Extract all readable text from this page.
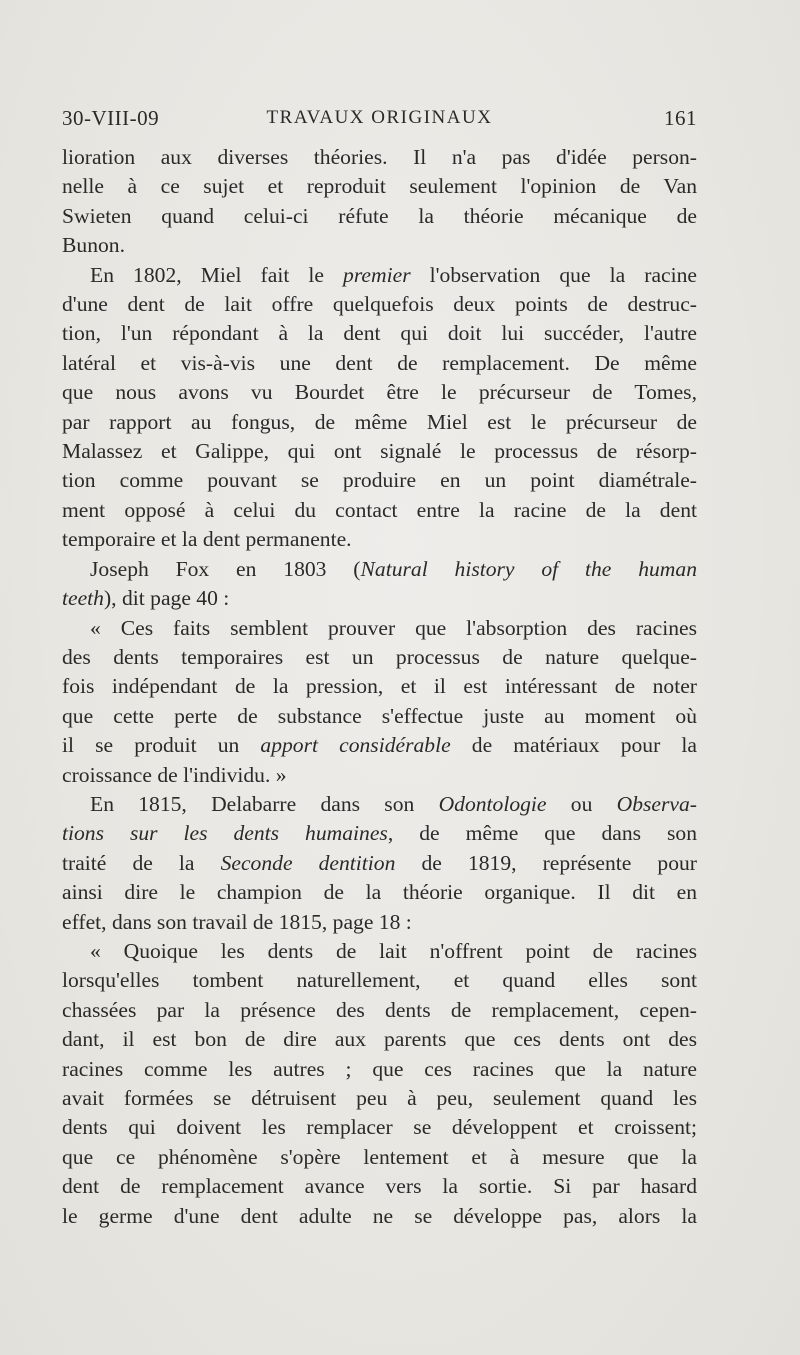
30-VIII-09	TRAVAUX ORIGINAUX	161
lioration aux diverses théories. Il n'a pas d'idée person-
nelle à ce sujet et reproduit seulement l'opinion de Van
Swieten quand celui-ci réfute la théorie mécanique de
Bunon.
En 1802, Miel fait le premier l'observation que la racine
d'une dent de lait offre quelquefois deux points de destruc-
tion, l'un répondant à la dent qui doit lui succéder, l'autre
latéral et vis-à-vis une dent de remplacement. De même
que nous avons vu Bourdet être le précurseur de Tomes,
par rapport au fongus, de même Miel est le précurseur de
Malassez et Galippe, qui ont signalé le processus de résorp-
tion comme pouvant se produire en un point diamétrale-
ment opposé à celui du contact entre la racine de la dent
temporaire et la dent permanente.
Joseph Fox en 1803 (Natural history of the human
teeth), dit page 40 :
« Ces faits semblent prouver que l'absorption des racines
des dents temporaires est un processus de nature quelque-
fois indépendant de la pression, et il est intéressant de noter
que cette perte de substance s'effectue juste au moment où
il se produit un apport considérable de matériaux pour la
croissance de l'individu. »
En 1815, Delabarre dans son Odontologie ou Observa-
tions sur les dents humaines, de même que dans son
traité de la Seconde dentition de 1819, représente pour
ainsi dire le champion de la théorie organique. Il dit en
effet, dans son travail de 1815, page 18 :
« Quoique les dents de lait n'offrent point de racines
lorsqu'elles tombent naturellement, et quand elles sont
chassées par la présence des dents de remplacement, cepen-
dant, il est bon de dire aux parents que ces dents ont des
racines comme les autres ; que ces racines que la nature
avait formées se détruisent peu à peu, seulement quand les
dents qui doivent les remplacer se développent et croissent;
que ce phénomène s'opère lentement et à mesure que la
dent de remplacement avance vers la sortie. Si par hasard
le germe d'une dent adulte ne se développe pas, alors la
